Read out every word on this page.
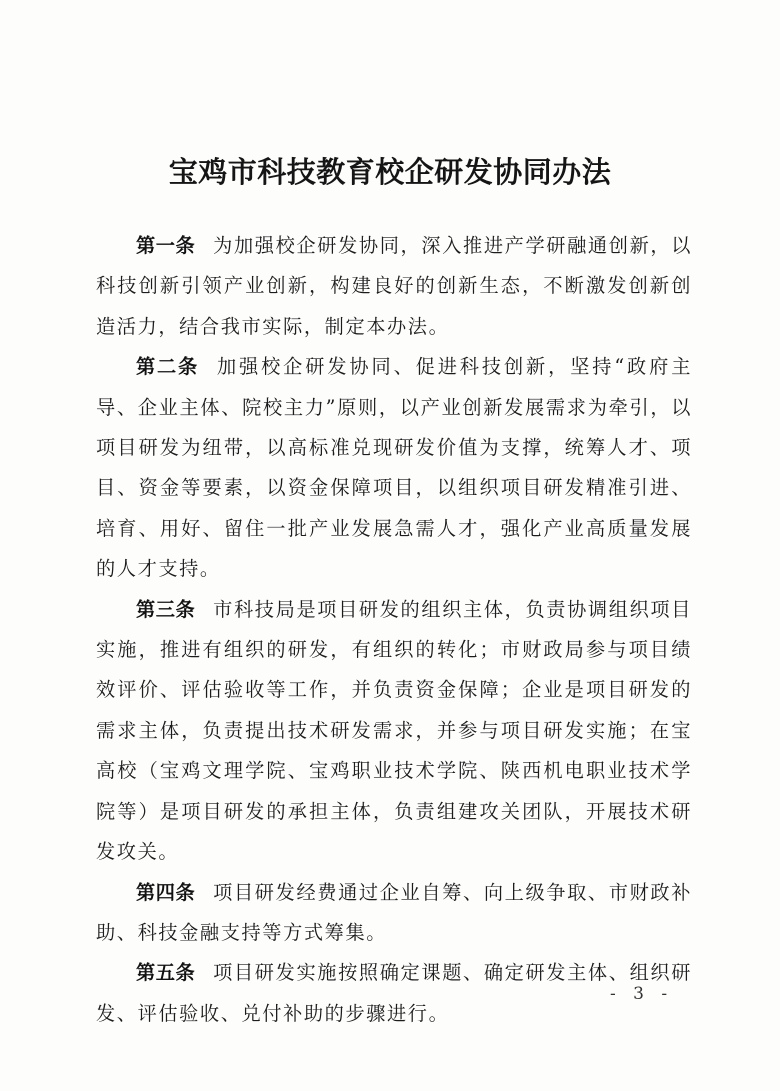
宝鸡市科技教育校企研发协同办法

第一条 为加强校企研发协同，深入推进产学研融通创新，以科技创新引领产业创新，构建良好的创新生态，不断激发创新创造活力，结合我市实际，制定本办法。

第二条 加强校企研发协同、促进科技创新，坚持“政府主导、企业主体、院校主力”原则，以产业创新发展需求为牵引，以项目研发为纽带，以高标准兑现研发价值为支撑，统筹人才、项目、资金等要素，以资金保障项目，以组织项目研发精准引进、培育、用好、留住一批产业发展急需人才，强化产业高质量发展的人才支持。

第三条 市科技局是项目研发的组织主体，负责协调组织项目实施，推进有组织的研发，有组织的转化；市财政局参与项目绩效评价、评估验收等工作，并负责资金保障；企业是项目研发的需求主体，负责提出技术研发需求，并参与项目研发实施；在宝高校（宝鸡文理学院、宝鸡职业技术学院、陕西机电职业技术学院等）是项目研发的承担主体，负责组建攻关团队，开展技术研发攻关。

第四条 项目研发经费通过企业自筹、向上级争取、市财政补助、科技金融支持等方式筹集。

第五条 项目研发实施按照确定课题、确定研发主体、组织研发、评估验收、兑付补助的步骤进行。

- 3 -
